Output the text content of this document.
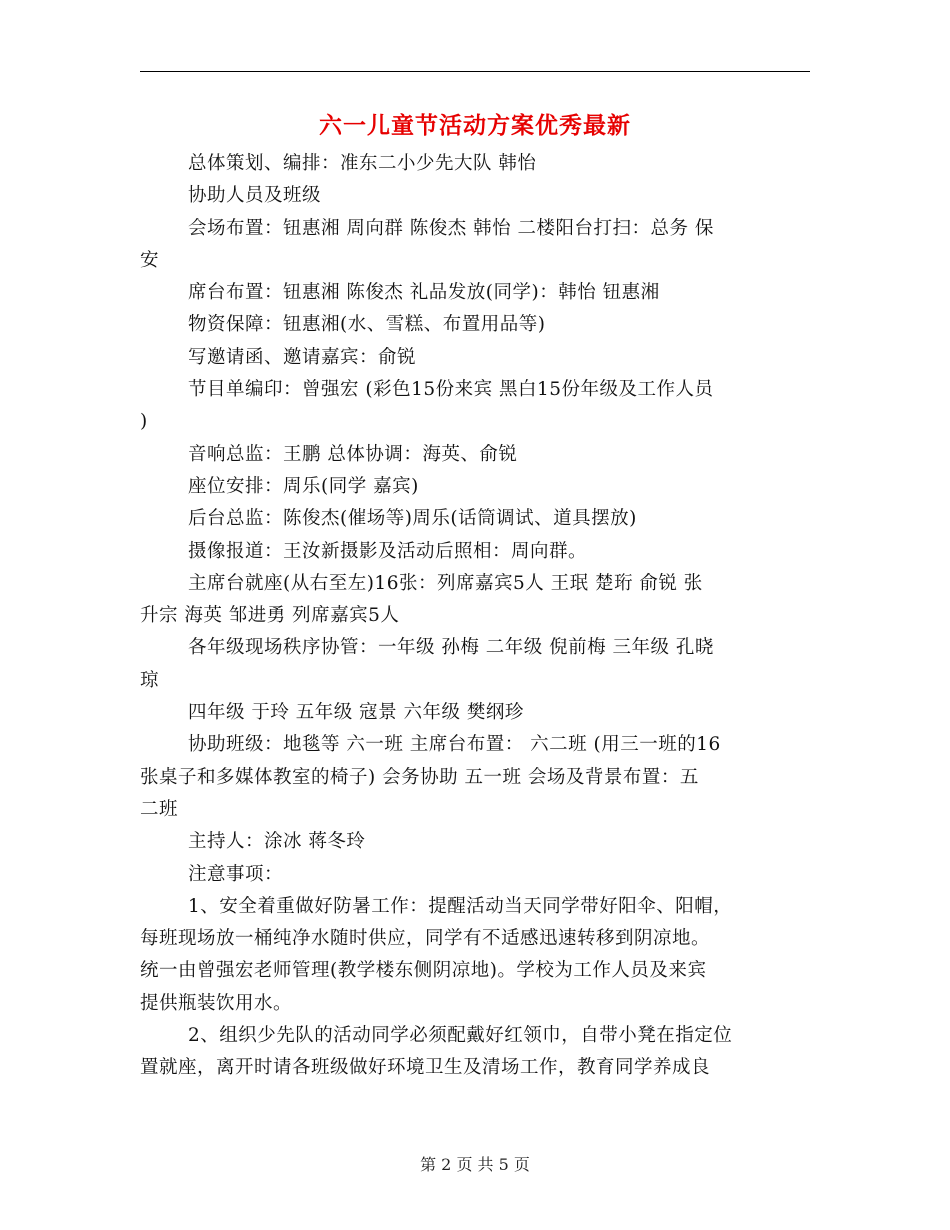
六一儿童节活动方案优秀最新

总体策划、编排：准东二小少先大队 韩怡

协助人员及班级

会场布置：钮惠湘 周向群 陈俊杰 韩怡 二楼阳台打扫：总务 保

安

席台布置：钮惠湘 陈俊杰 礼品发放(同学)：韩怡 钮惠湘

物资保障：钮惠湘(水、雪糕、布置用品等)

写邀请函、邀请嘉宾：俞锐

节目单编印：曾强宏 (彩色15份来宾 黑白15份年级及工作人员

)

音响总监：王鹏 总体协调：海英、俞锐

座位安排：周乐(同学 嘉宾)

后台总监：陈俊杰(催场等)周乐(话筒调试、道具摆放)

摄像报道：王汝新摄影及活动后照相：周向群。

主席台就座(从右至左)16张：列席嘉宾5人 王珉 楚珩 俞锐 张

升宗 海英 邹进勇 列席嘉宾5人

各年级现场秩序协管：一年级 孙梅 二年级 倪前梅 三年级 孔晓

琼

四年级 于玲 五年级 寇景 六年级 樊纲珍

协助班级：地毯等 六一班 主席台布置： 六二班 (用三一班的16

张桌子和多媒体教室的椅子) 会务协助 五一班 会场及背景布置：五

二班

主持人：涂冰 蒋冬玲

注意事项：

1、安全着重做好防暑工作：提醒活动当天同学带好阳伞、阳帽，

每班现场放一桶纯净水随时供应，同学有不适感迅速转移到阴凉地。

统一由曾强宏老师管理(教学楼东侧阴凉地)。学校为工作人员及来宾

提供瓶装饮用水。

2、组织少先队的活动同学必须配戴好红领巾，自带小凳在指定位

置就座，离开时请各班级做好环境卫生及清场工作，教育同学养成良

第 2 页 共 5 页
